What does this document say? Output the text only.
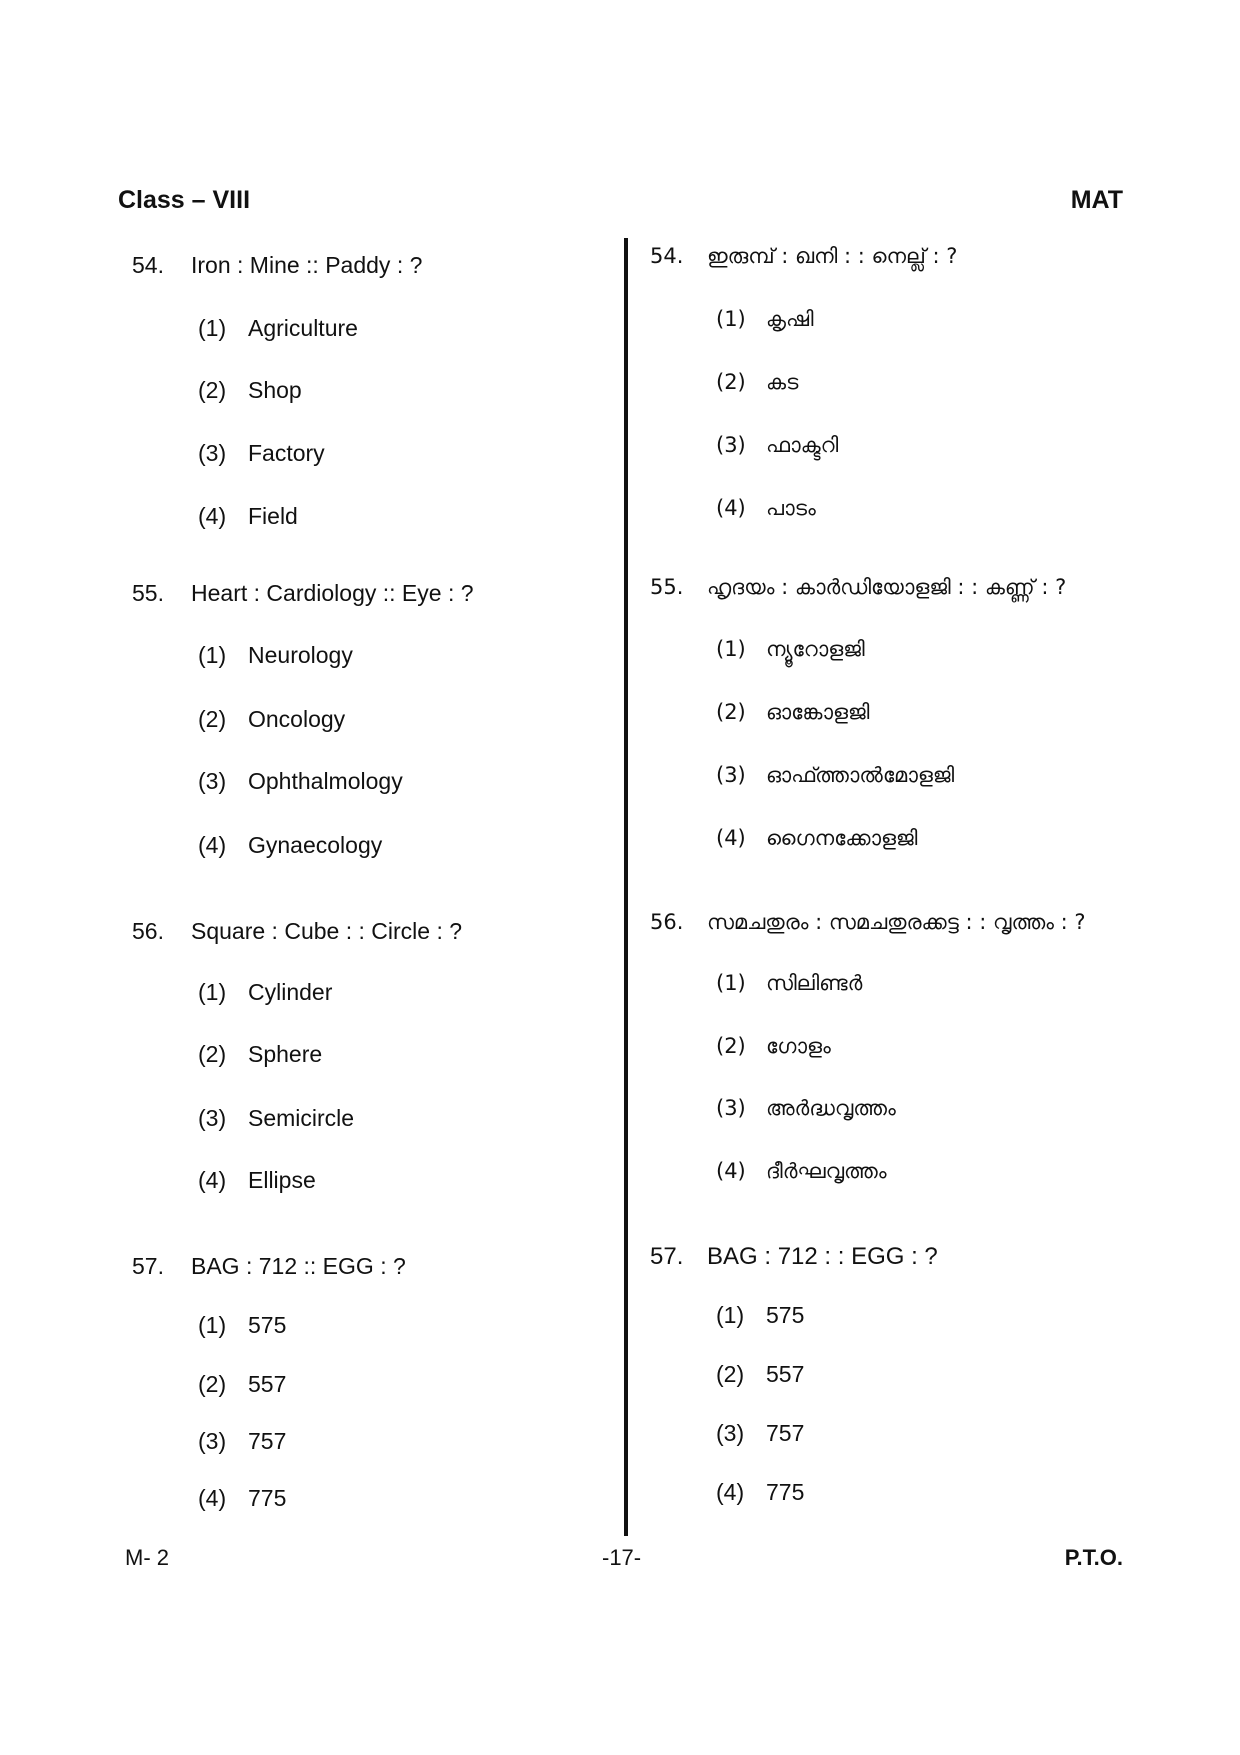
Class – VIII	MAT
54. Iron : Mine :: Paddy : ?
(1) Agriculture
(2) Shop
(3) Factory
(4) Field
55. Heart : Cardiology :: Eye : ?
(1) Neurology
(2) Oncology
(3) Ophthalmology
(4) Gynaecology
56. Square : Cube : : Circle : ?
(1) Cylinder
(2) Sphere
(3) Semicircle
(4) Ellipse
57. BAG : 712 :: EGG : ?
(1) 575
(2) 557
(3) 757
(4) 775
54. ഇരുമ്പ് : ഖനി : : നെല്ല് : ?
(1) കൃഷി
(2) കട
(3) ഫാക്ടറി
(4) പാടം
55. ഹൃദയം : കാർഡിയോളജി : : കണ്ണ് : ?
(1) ന്യൂറോളജി
(2) ഓങ്കോളജി
(3) ഓഫ്ത്താൽമോളജി
(4) ഗൈനക്കോളജി
56. സമചതുരം : സമചതുരക്കട്ട : : വൃത്തം : ?
(1) സിലിണ്ടർ
(2) ഗോളം
(3) അർദ്ധവൃത്തം
(4) ദീർഘവൃത്തം
57. BAG : 712 : : EGG : ?
(1) 575
(2) 557
(3) 757
(4) 775
M- 2	-17-	P.T.O.
